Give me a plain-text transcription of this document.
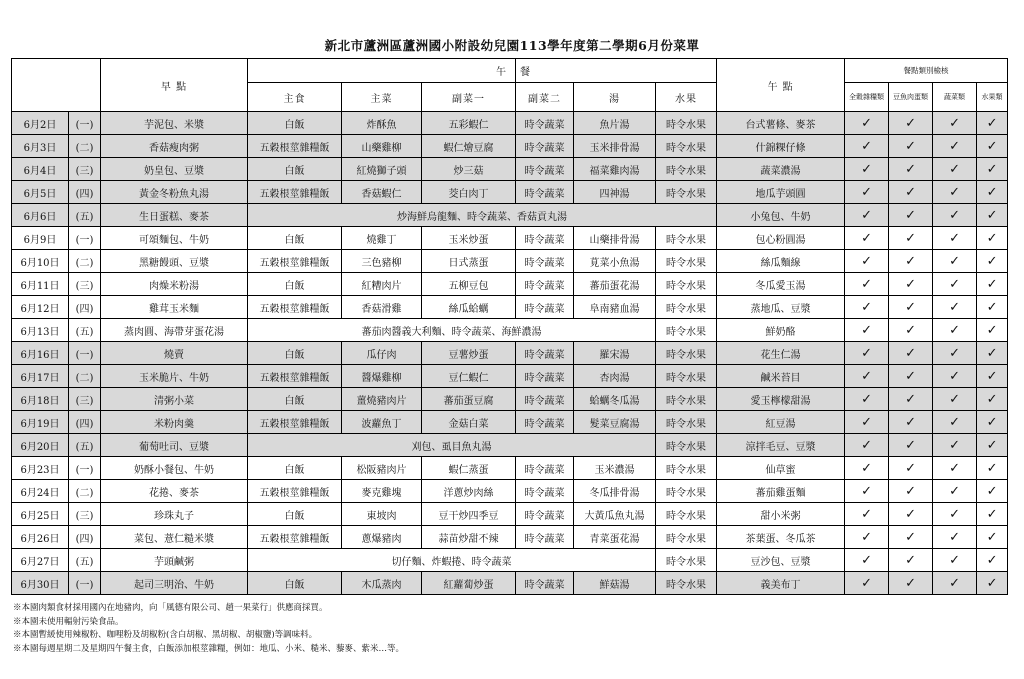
新北市蘆洲區蘆洲國小附設幼兒園113學年度第二學期6月份菜單
		早 點	午			餐			午 點	餐點類別檢核			
			主食	主菜	副菜一	副菜二	湯	水果		全穀雜糧類	豆魚肉蛋類	蔬菜類	水果類
6月2日	(一)	芋泥包、米漿	白飯	炸酥魚	五彩蝦仁	時令蔬菜	魚片湯	時令水果	台式薯條、麥茶	✓	✓	✓	✓
6月3日	(二)	香菇瘦肉粥	五穀根莖雜糧飯	山藥雞柳	蝦仁燴豆腐	時令蔬菜	玉米排骨湯	時令水果	什錦粿仔條	✓	✓	✓	✓
6月4日	(三)	奶皇包、豆漿	白飯	紅燒獅子頭	炒三菇	時令蔬菜	福菜雞肉湯	時令水果	蔬菜濃湯	✓	✓	✓	✓
6月5日	(四)	黃金冬粉魚丸湯	五穀根莖雜糧飯	香菇蝦仁	茭白肉丁	時令蔬菜	四神湯	時令水果	地瓜芋頭圓	✓	✓	✓	✓
6月6日	(五)	生日蛋糕、麥茶	炒海鮮烏龍麵、時令蔬菜、香菇貢丸湯						小兔包、牛奶	✓	✓	✓	✓
6月9日	(一)	可頌麵包、牛奶	白飯	燒雞丁	玉米炒蛋	時令蔬菜	山藥排骨湯	時令水果	包心粉圓湯	✓	✓	✓	✓
6月10日	(二)	黑糖饅頭、豆漿	五穀根莖雜糧飯	三色豬柳	日式蒸蛋	時令蔬菜	莧菜小魚湯	時令水果	絲瓜麵線	✓	✓	✓	✓
6月11日	(三)	肉燥米粉湯	白飯	紅糟肉片	五柳豆包	時令蔬菜	蕃茄蛋花湯	時令水果	冬瓜愛玉湯	✓	✓	✓	✓
6月12日	(四)	雞茸玉米麵	五穀根莖雜糧飯	香菇滑雞	絲瓜蛤蠣	時令蔬菜	阜南豬血湯	時令水果	蒸地瓜、豆漿	✓	✓	✓	✓
6月13日	(五)	蒸肉圓、海帶芽蛋花湯	蕃茄肉醬義大利麵、時令蔬菜、海鮮濃湯					時令水果	鮮奶酪	✓	✓	✓	✓
6月16日	(一)	燒賣	白飯	瓜仔肉	豆薯炒蛋	時令蔬菜	羅宋湯	時令水果	花生仁湯	✓	✓	✓	✓
6月17日	(二)	玉米脆片、牛奶	五穀根莖雜糧飯	醬爆雞柳	豆仁蝦仁	時令蔬菜	杏肉湯	時令水果	鹹米苔目	✓	✓	✓	✓
6月18日	(三)	清粥小菜	白飯	薑燒豬肉片	蕃茄蛋豆腐	時令蔬菜	蛤蠣冬瓜湯	時令水果	愛玉檸檬甜湯	✓	✓	✓	✓
6月19日	(四)	米粉肉羹	五穀根莖雜糧飯	波蘿魚丁	金菇白菜	時令蔬菜	髮菜豆腐湯	時令水果	紅豆湯	✓	✓	✓	✓
6月20日	(五)	葡萄吐司、豆漿	刈包、虱目魚丸湯					時令水果	涼拌毛豆、豆漿	✓	✓	✓	✓
6月23日	(一)	奶酥小餐包、牛奶	白飯	松阪豬肉片	蝦仁蒸蛋	時令蔬菜	玉米濃湯	時令水果	仙草蜜	✓	✓	✓	✓
6月24日	(二)	花捲、麥茶	五穀根莖雜糧飯	麥克雞塊	洋蔥炒肉絲	時令蔬菜	冬瓜排骨湯	時令水果	蕃茄雞蛋麵	✓	✓	✓	✓
6月25日	(三)	珍珠丸子	白飯	東坡肉	豆干炒四季豆	時令蔬菜	大黃瓜魚丸湯	時令水果	甜小米粥	✓	✓	✓	✓
6月26日	(四)	菜包、薏仁糙米漿	五穀根莖雜糧飯	蔥爆豬肉	蒜苗炒甜不辣	時令蔬菜	青菜蛋花湯	時令水果	茶葉蛋、冬瓜茶	✓	✓	✓	✓
6月27日	(五)	芋頭鹹粥	切仔麵、炸蝦捲、時令蔬菜					時令水果	豆沙包、豆漿	✓	✓	✓	✓
6月30日	(一)	起司三明治、牛奶	白飯	木瓜蒸肉	紅蘿蔔炒蛋	時令蔬菜	鮮菇湯	時令水果	義美布丁	✓	✓	✓	✓
※本園肉類食材採用國內在地豬肉，向「風德有限公司、趙一果菜行」供應商採買。
※本園未使用輻射污染食品。
※本園暫緩使用辣椒粉、咖哩粉及胡椒粉(含白胡椒、黑胡椒、胡椒鹽)等調味料。
※本園每週星期二及星期四午餐主食，白飯添加根莖雜糧，例如：地瓜、小米、糙米、藜麥、紫米…等。
